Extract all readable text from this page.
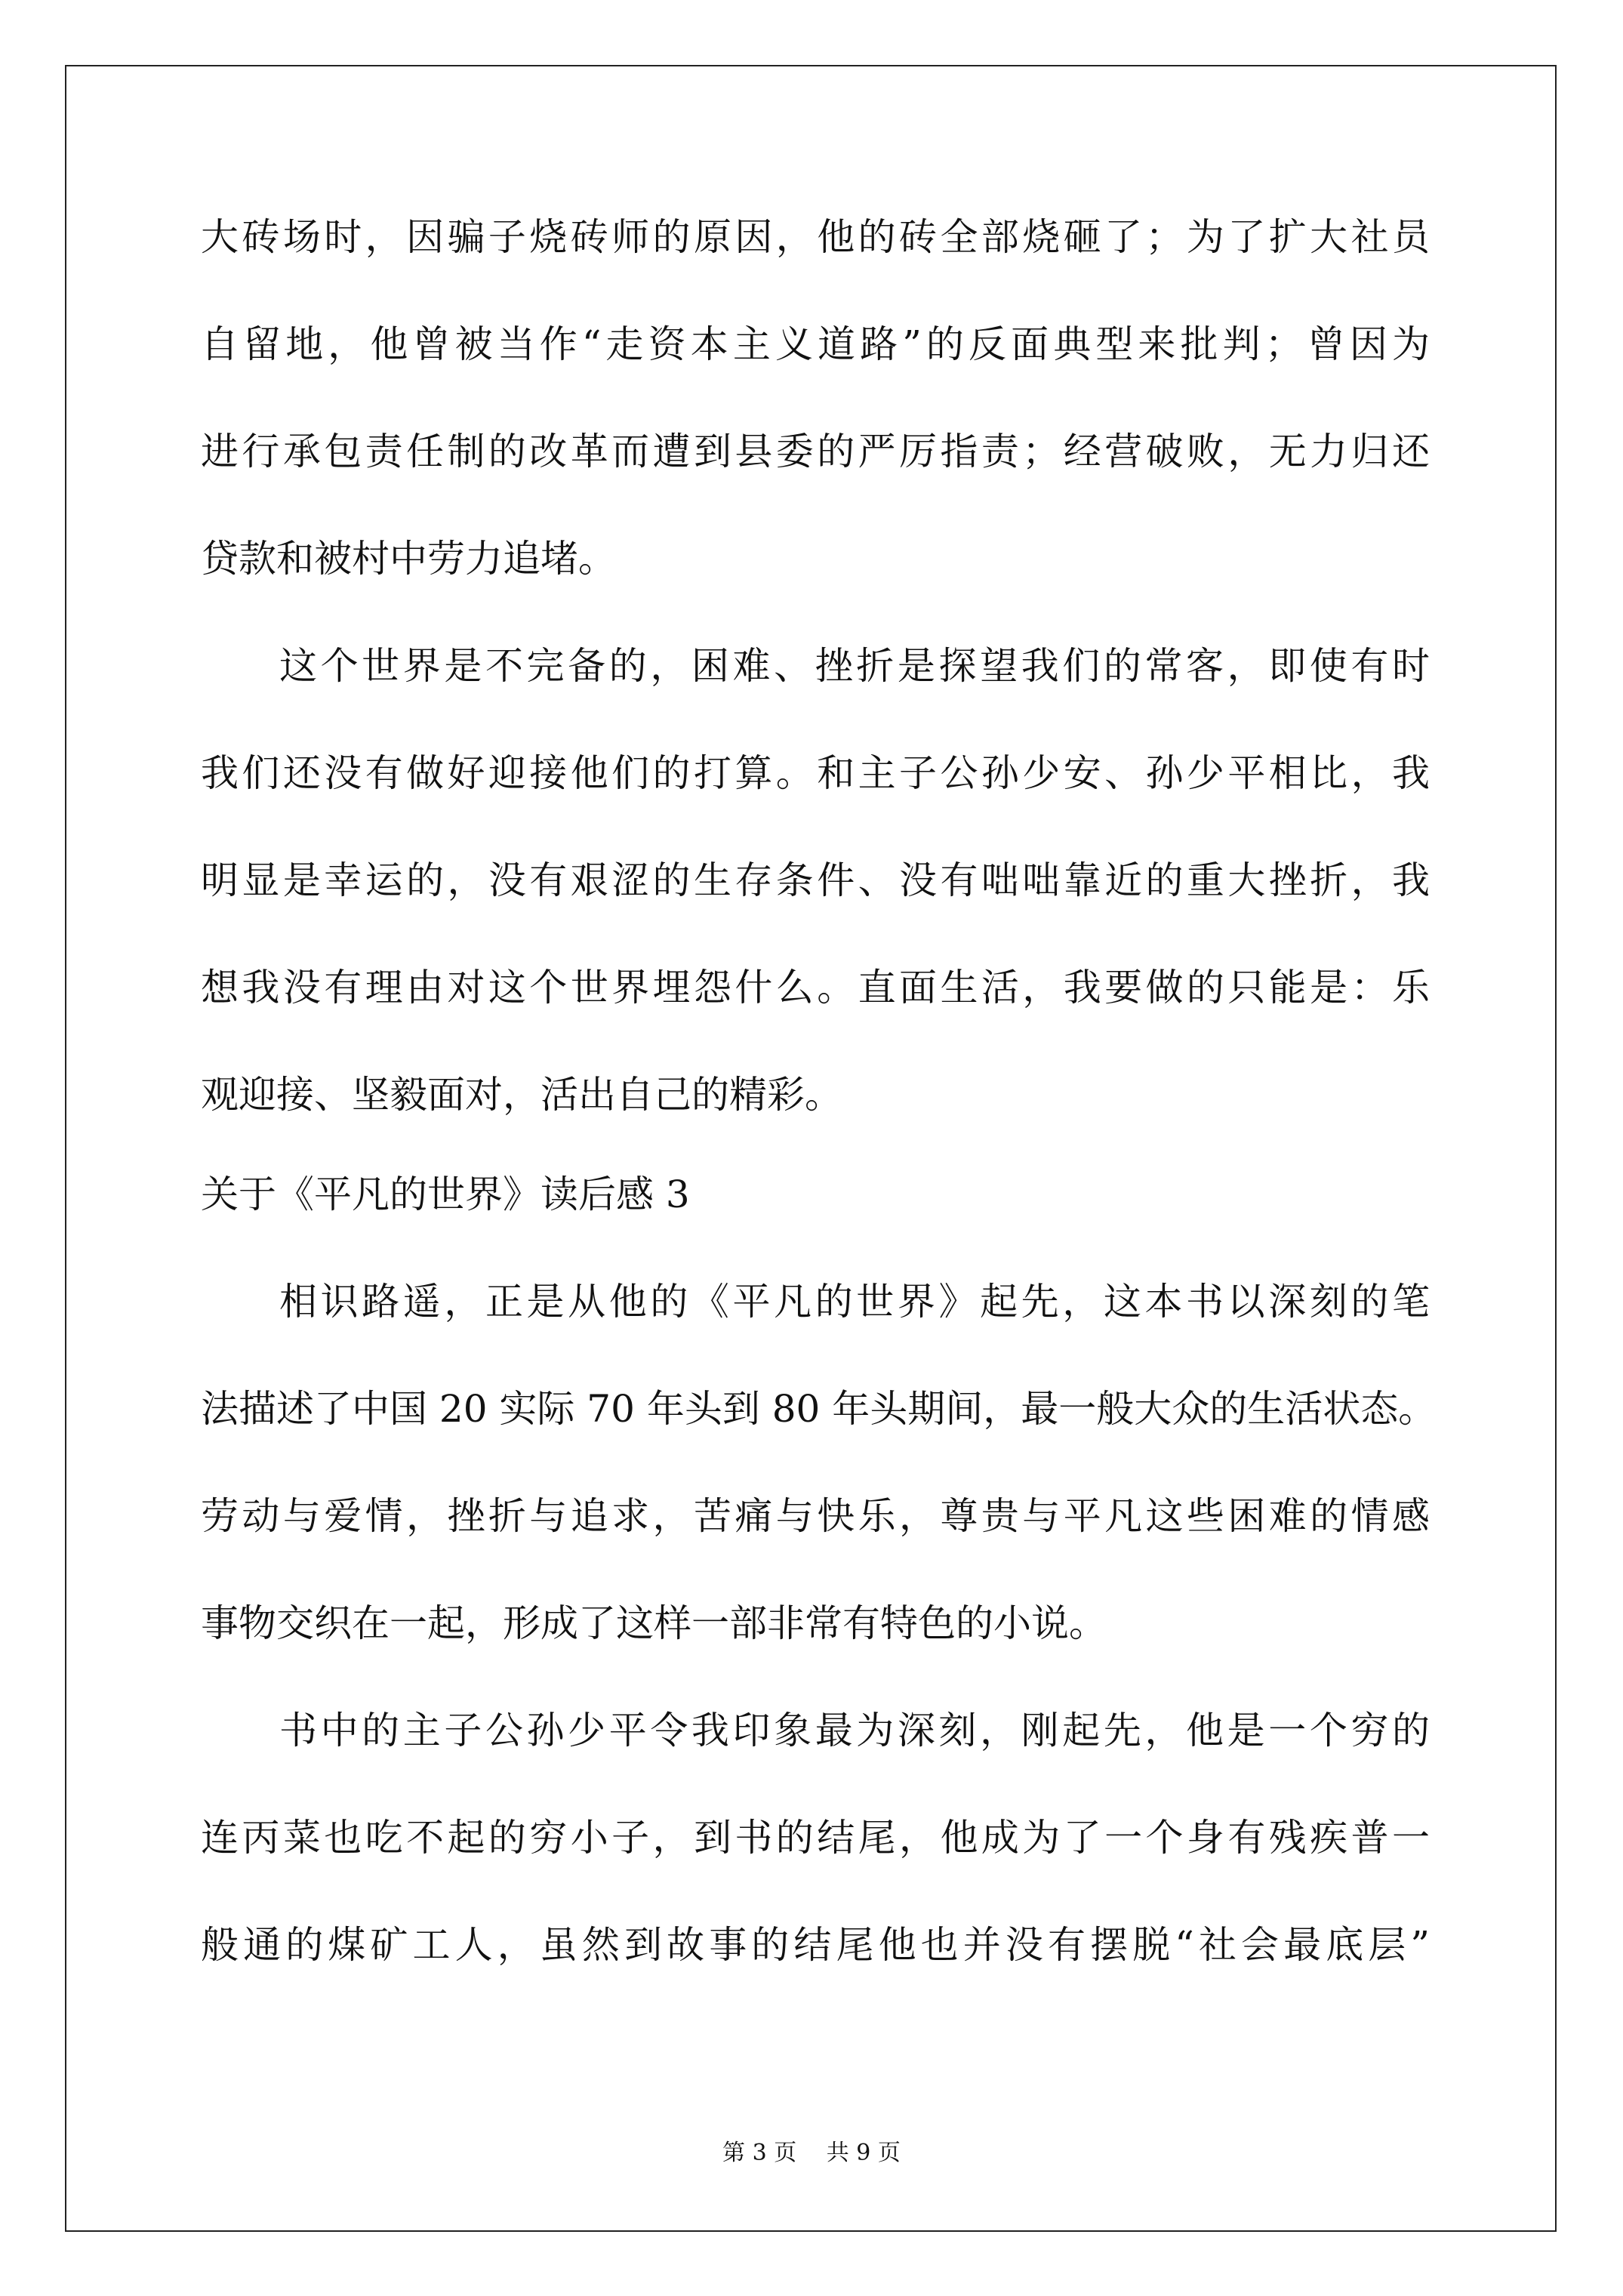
大砖场时，因骗子烧砖师的原因，他的砖全部烧砸了；为了扩大社员

自留地，他曾被当作“走资本主义道路”的反面典型来批判；曾因为

进行承包责任制的改革而遭到县委的严厉指责；经营破败，无力归还

贷款和被村中劳力追堵。

这个世界是不完备的，困难、挫折是探望我们的常客，即使有时

我们还没有做好迎接他们的打算。和主子公孙少安、孙少平相比，我

明显是幸运的，没有艰涩的生存条件、没有咄咄靠近的重大挫折，我

想我没有理由对这个世界埋怨什么。直面生活，我要做的只能是：乐

观迎接、坚毅面对，活出自己的精彩。

关于《平凡的世界》读后感 3

相识路遥，正是从他的《平凡的世界》起先，这本书以深刻的笔

法描述了中国 20 实际 70 年头到 80 年头期间，最一般大众的生活状态。

劳动与爱情，挫折与追求，苦痛与快乐，尊贵与平凡这些困难的情感

事物交织在一起，形成了这样一部非常有特色的小说。

书中的主子公孙少平令我印象最为深刻，刚起先，他是一个穷的

连丙菜也吃不起的穷小子，到书的结尾，他成为了一个身有残疾普一

般通的煤矿工人，虽然到故事的结尾他也并没有摆脱“社会最底层”

第 3 页 共 9 页
